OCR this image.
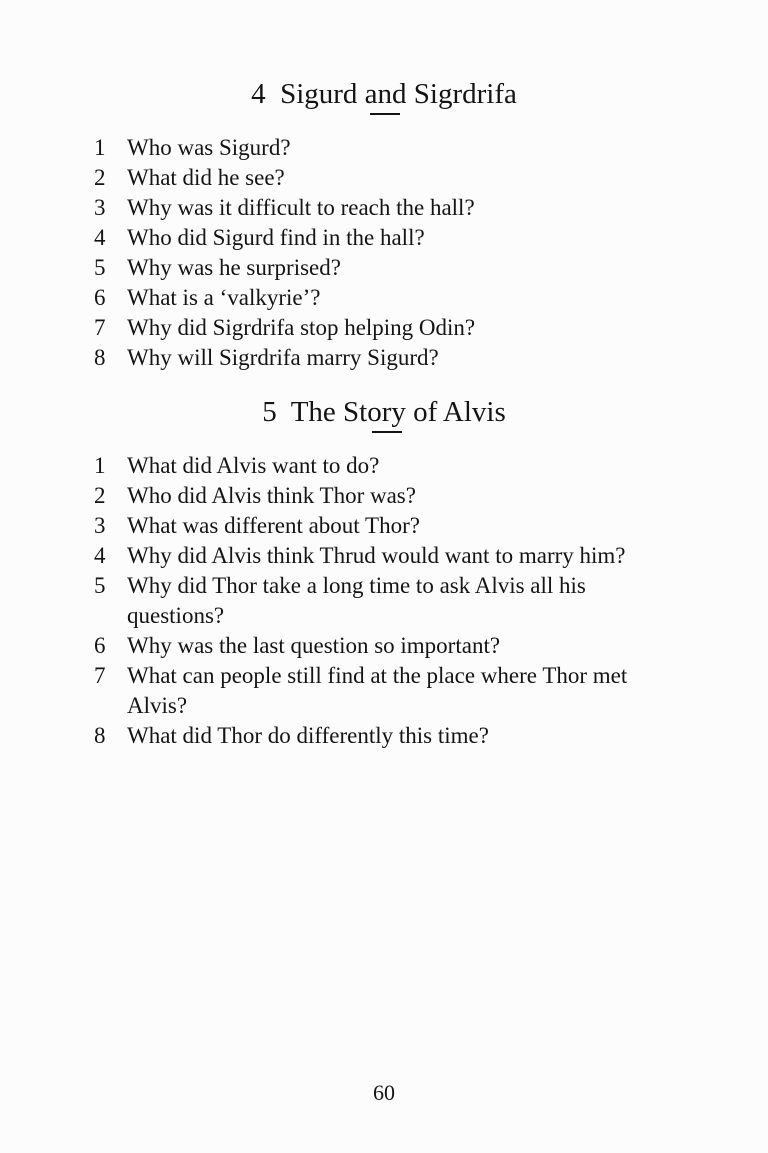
4 Sigurd and Sigrdrifa
1 Who was Sigurd?
2 What did he see?
3 Why was it difficult to reach the hall?
4 Who did Sigurd find in the hall?
5 Why was he surprised?
6 What is a ‘valkyrie’?
7 Why did Sigrdrifa stop helping Odin?
8 Why will Sigrdrifa marry Sigurd?
5 The Story of Alvis
1 What did Alvis want to do?
2 Who did Alvis think Thor was?
3 What was different about Thor?
4 Why did Alvis think Thrud would want to marry him?
5 Why did Thor take a long time to ask Alvis all his questions?
6 Why was the last question so important?
7 What can people still find at the place where Thor met Alvis?
8 What did Thor do differently this time?
60
